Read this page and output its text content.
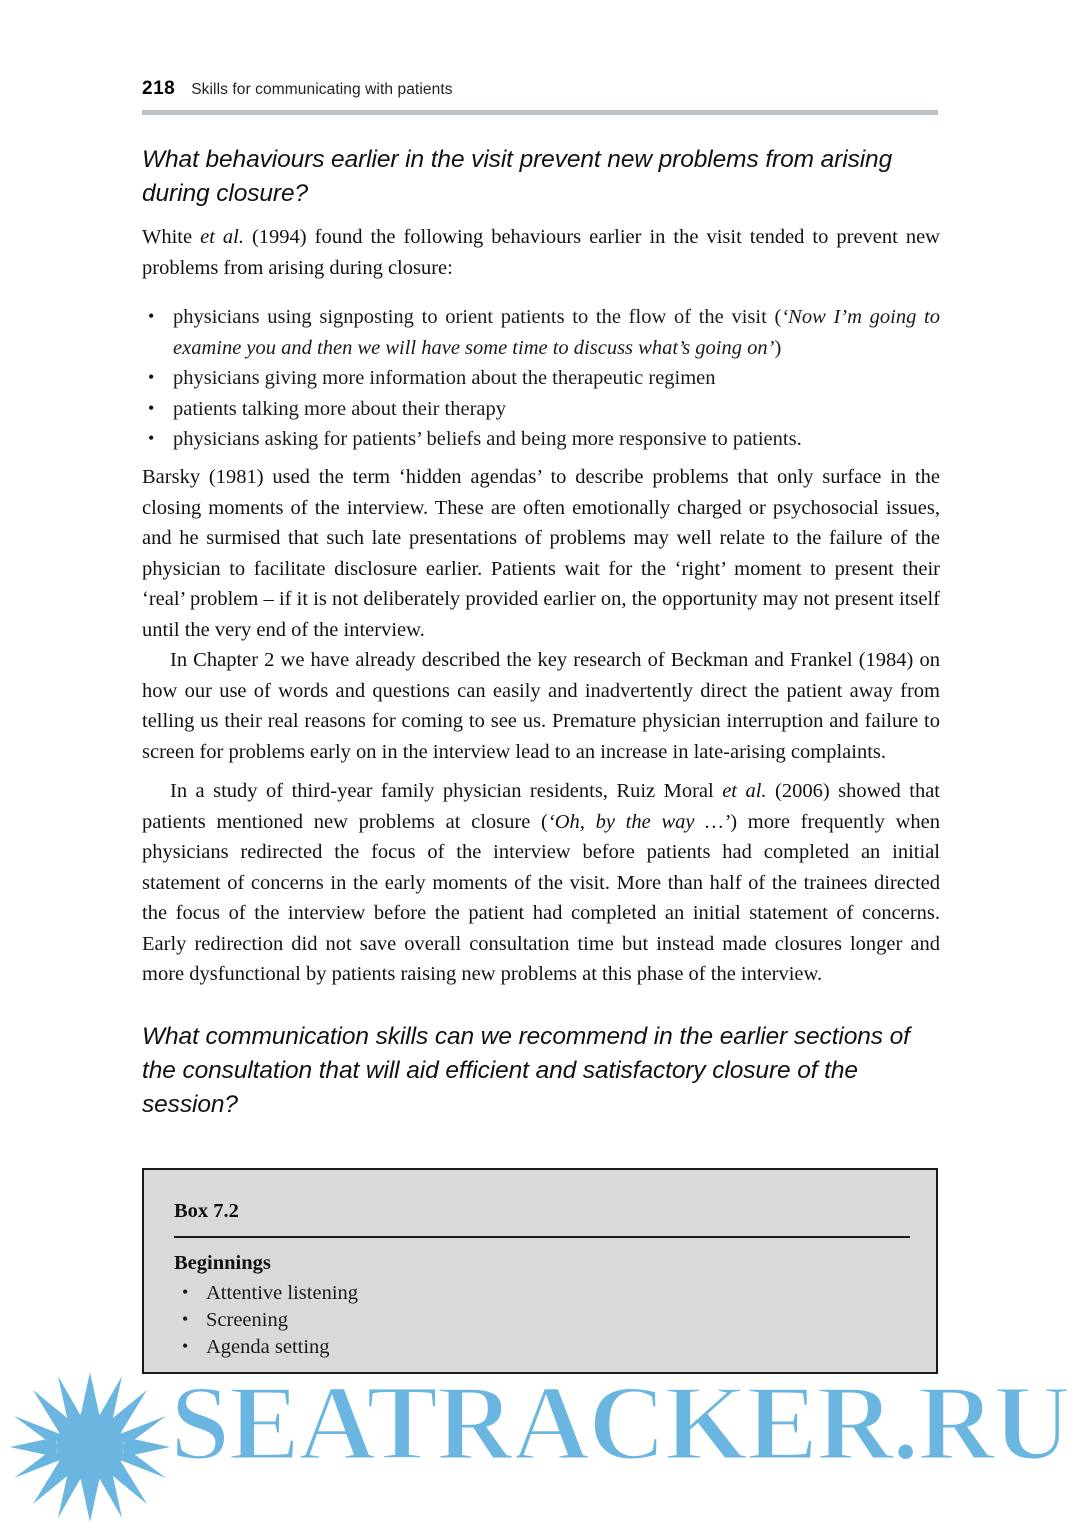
218 Skills for communicating with patients
What behaviours earlier in the visit prevent new problems from arising during closure?
White et al. (1994) found the following behaviours earlier in the visit tended to prevent new problems from arising during closure:
• physicians using signposting to orient patients to the flow of the visit (‘Now I’m going to examine you and then we will have some time to discuss what’s going on’)
• physicians giving more information about the therapeutic regimen
• patients talking more about their therapy
• physicians asking for patients’ beliefs and being more responsive to patients.
Barsky (1981) used the term ‘hidden agendas’ to describe problems that only surface in the closing moments of the interview. These are often emotionally charged or psychosocial issues, and he surmised that such late presentations of problems may well relate to the failure of the physician to facilitate disclosure earlier. Patients wait for the ‘right’ moment to present their ‘real’ problem – if it is not deliberately provided earlier on, the opportunity may not present itself until the very end of the interview.
In Chapter 2 we have already described the key research of Beckman and Frankel (1984) on how our use of words and questions can easily and inadvertently direct the patient away from telling us their real reasons for coming to see us. Premature physician interruption and failure to screen for problems early on in the interview lead to an increase in late-arising complaints.
In a study of third-year family physician residents, Ruiz Moral et al. (2006) showed that patients mentioned new problems at closure (‘Oh, by the way …’) more frequently when physicians redirected the focus of the interview before patients had completed an initial statement of concerns in the early moments of the visit. More than half of the trainees directed the focus of the interview before the patient had completed an initial statement of concerns. Early redirection did not save overall consultation time but instead made closures longer and more dysfunctional by patients raising new problems at this phase of the interview.
What communication skills can we recommend in the earlier sections of the consultation that will aid efficient and satisfactory closure of the session?
Box 7.2
Beginnings
• Attentive listening
• Screening
• Agenda setting
SEATRACKER.RU
